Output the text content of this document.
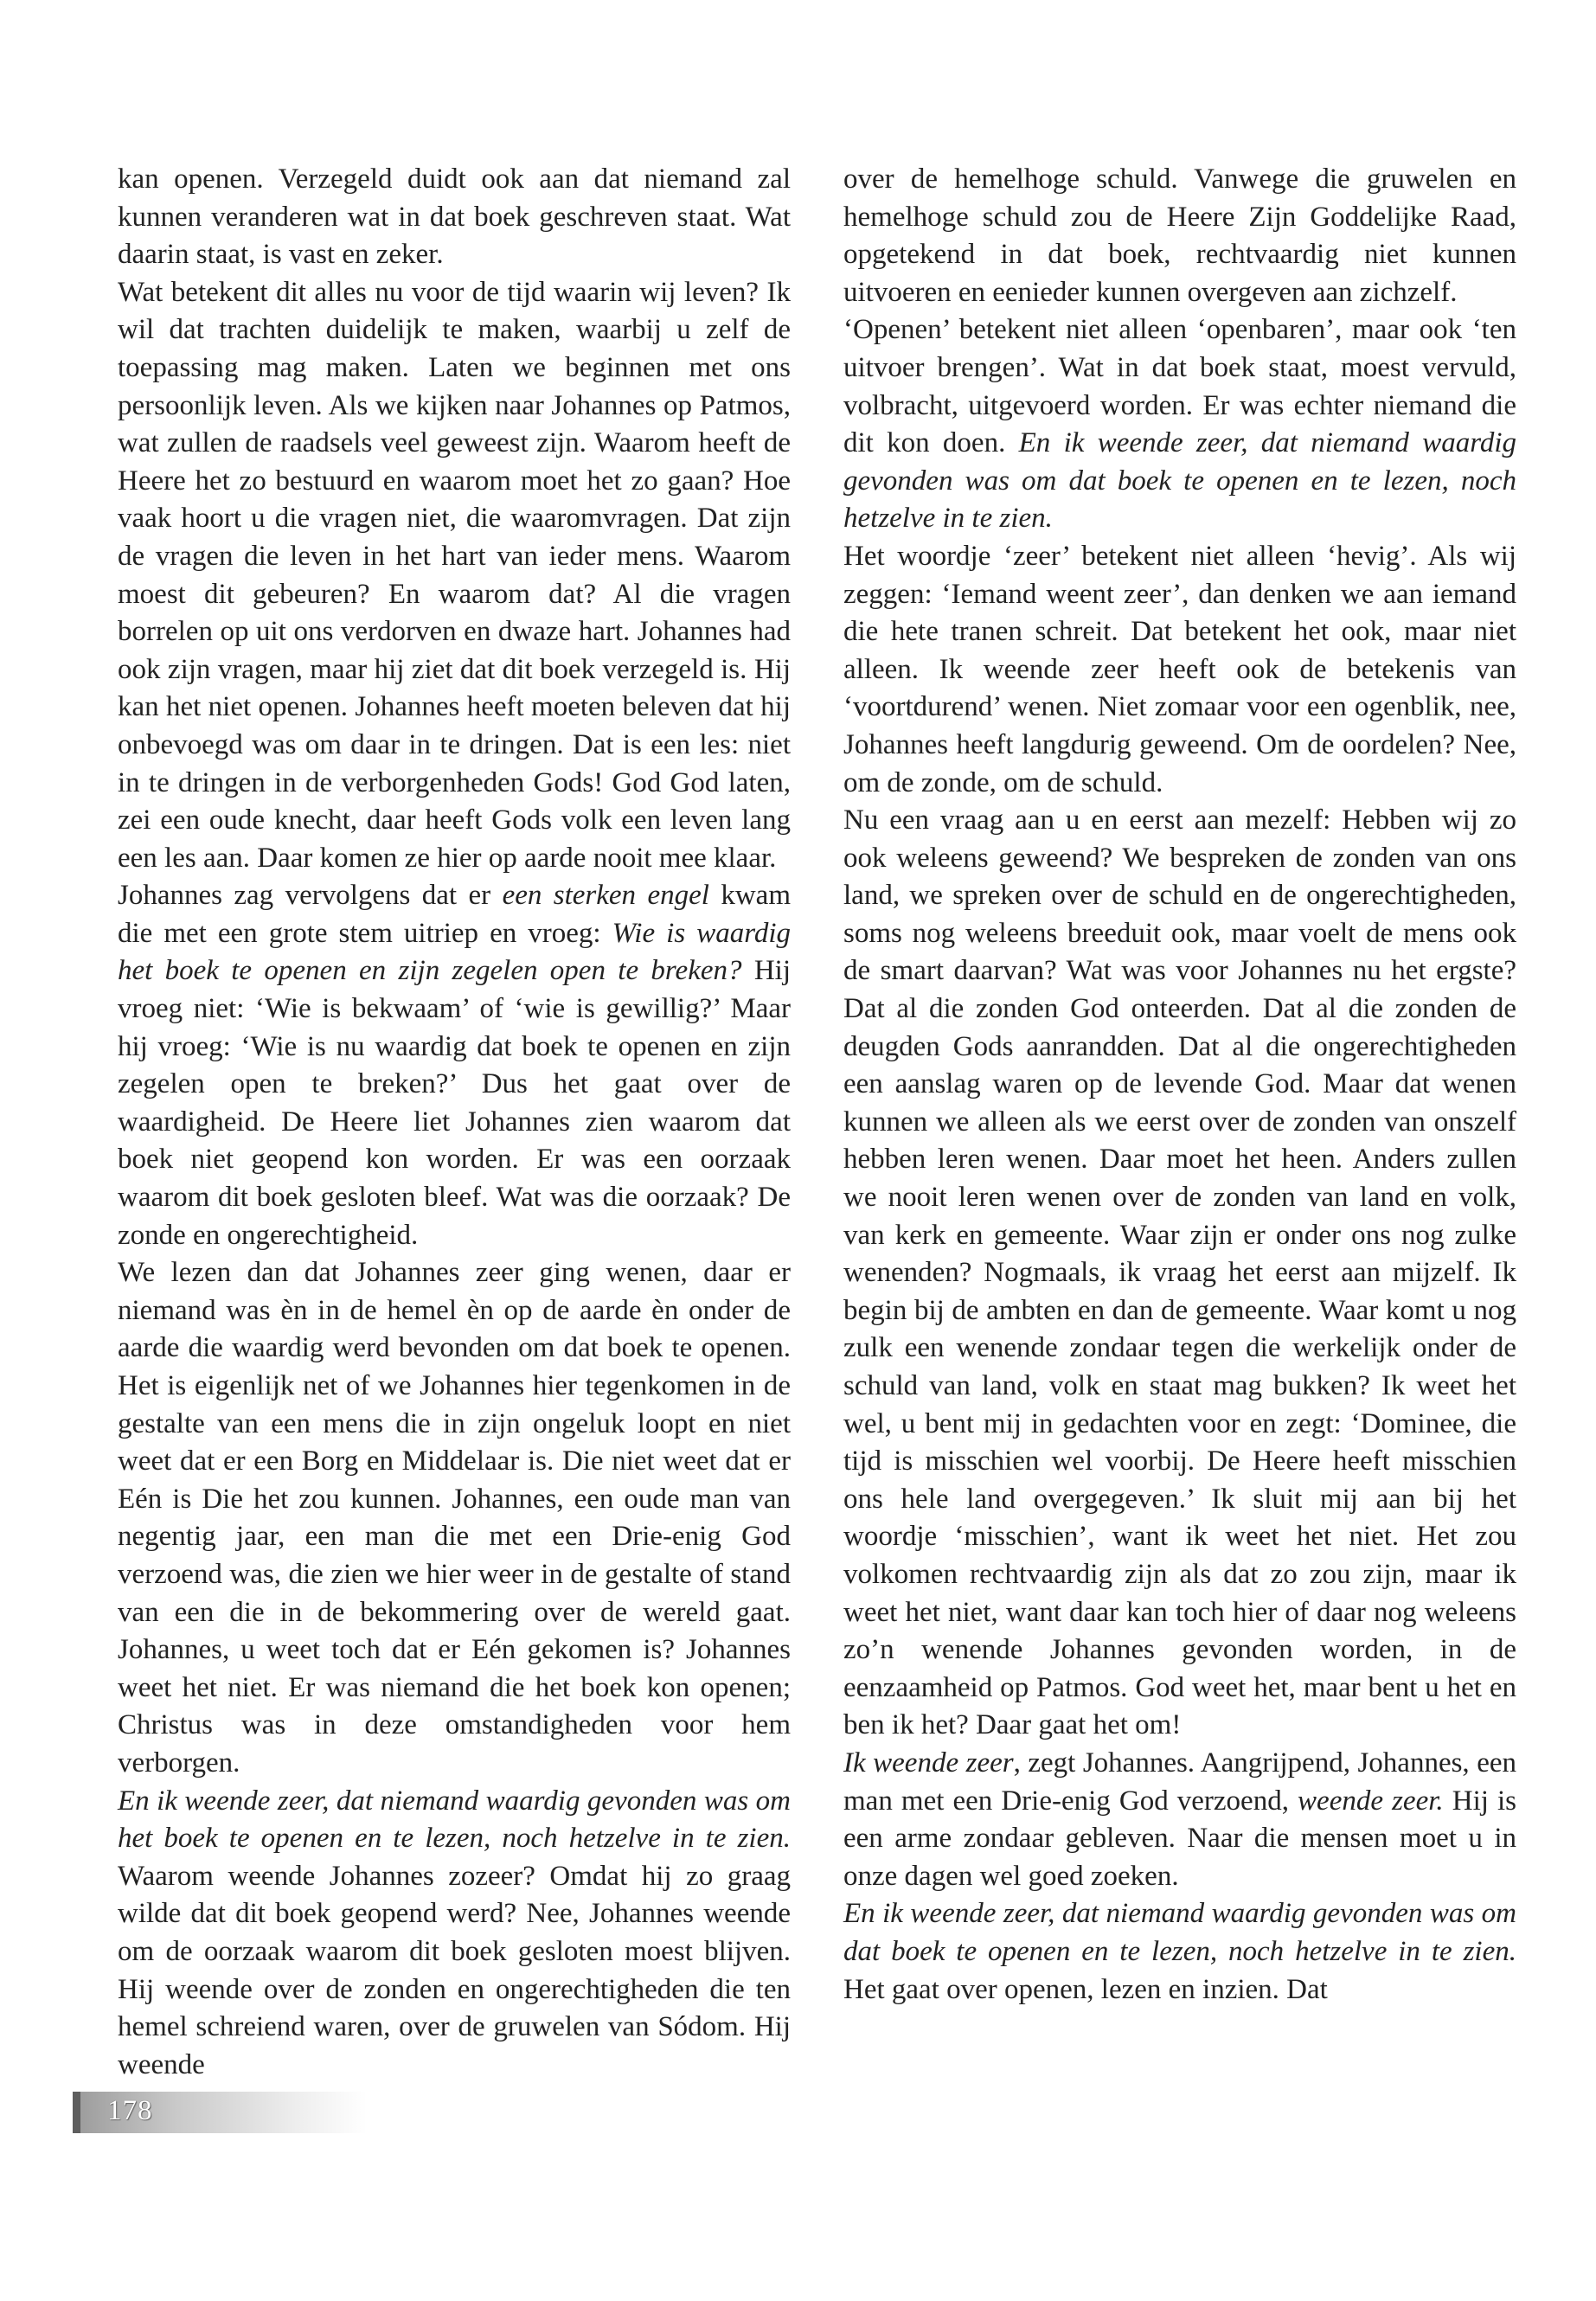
kan openen. Verzegeld duidt ook aan dat niemand zal kunnen veranderen wat in dat boek geschreven staat. Wat daarin staat, is vast en zeker.

Wat betekent dit alles nu voor de tijd waarin wij leven? Ik wil dat trachten duidelijk te maken, waarbij u zelf de toepassing mag maken. Laten we beginnen met ons persoonlijk leven. Als we kijken naar Johannes op Patmos, wat zullen de raadsels veel geweest zijn. Waarom heeft de Heere het zo bestuurd en waarom moet het zo gaan? Hoe vaak hoort u die vragen niet, die waaromvragen. Dat zijn de vragen die leven in het hart van ieder mens. Waarom moest dit gebeuren? En waarom dat? Al die vragen borrelen op uit ons verdorven en dwaze hart. Johannes had ook zijn vragen, maar hij ziet dat dit boek verzegeld is. Hij kan het niet openen. Johannes heeft moeten beleven dat hij onbevoegd was om daar in te dringen. Dat is een les: niet in te dringen in de verborgenheden Gods! God God laten, zei een oude knecht, daar heeft Gods volk een leven lang een les aan. Daar komen ze hier op aarde nooit mee klaar.

Johannes zag vervolgens dat er een sterken engel kwam die met een grote stem uitriep en vroeg: Wie is waardig het boek te openen en zijn zegelen open te breken? Hij vroeg niet: ‘Wie is bekwaam’ of ‘wie is gewillig?’ Maar hij vroeg: ‘Wie is nu waardig dat boek te openen en zijn zegelen open te breken?’ Dus het gaat over de waardigheid. De Heere liet Johannes zien waarom dat boek niet geopend kon worden. Er was een oorzaak waarom dit boek gesloten bleef. Wat was die oorzaak? De zonde en ongerechtigheid.

We lezen dan dat Johannes zeer ging wenen, daar er niemand was èn in de hemel èn op de aarde èn onder de aarde die waardig werd bevonden om dat boek te openen. Het is eigenlijk net of we Johannes hier tegenkomen in de gestalte van een mens die in zijn ongeluk loopt en niet weet dat er een Borg en Middelaar is. Die niet weet dat er Eén is Die het zou kunnen. Johannes, een oude man van negentig jaar, een man die met een Drie-enig God verzoend was, die zien we hier weer in de gestalte of stand van een die in de bekommering over de wereld gaat. Johannes, u weet toch dat er Eén gekomen is? Johannes weet het niet. Er was niemand die het boek kon openen; Christus was in deze omstandigheden voor hem verborgen.

En ik weende zeer, dat niemand waardig gevonden was om het boek te openen en te lezen, noch hetzelve in te zien. Waarom weende Johannes zozeer? Omdat hij zo graag wilde dat dit boek geopend werd? Nee, Johannes weende om de oorzaak waarom dit boek gesloten moest blijven. Hij weende over de zonden en ongerechtigheden die ten hemel schreiend waren, over de gruwelen van Sódom. Hij weende

over de hemelhoge schuld. Vanwege die gruwelen en hemelhoge schuld zou de Heere Zijn Goddelijke Raad, opgetekend in dat boek, rechtvaardig niet kunnen uitvoeren en eenieder kunnen overgeven aan zichzelf.

‘Openen’ betekent niet alleen ‘openbaren’, maar ook ‘ten uitvoer brengen’. Wat in dat boek staat, moest vervuld, volbracht, uitgevoerd worden. Er was echter niemand die dit kon doen. En ik weende zeer, dat niemand waardig gevonden was om dat boek te openen en te lezen, noch hetzelve in te zien.

Het woordje ‘zeer’ betekent niet alleen ‘hevig’. Als wij zeggen: ‘Iemand weent zeer’, dan denken we aan iemand die hete tranen schreit. Dat betekent het ook, maar niet alleen. Ik weende zeer heeft ook de betekenis van ‘voortdurend’ wenen. Niet zomaar voor een ogenblik, nee, Johannes heeft langdurig geweend. Om de oordelen? Nee, om de zonde, om de schuld.

Nu een vraag aan u en eerst aan mezelf: Hebben wij zo ook weleens geweend? We bespreken de zonden van ons land, we spreken over de schuld en de ongerechtigheden, soms nog weleens breeduit ook, maar voelt de mens ook de smart daarvan? Wat was voor Johannes nu het ergste? Dat al die zonden God onteerden. Dat al die zonden de deugden Gods aanrandden. Dat al die ongerechtigheden een aanslag waren op de levende God. Maar dat wenen kunnen we alleen als we eerst over de zonden van onszelf hebben leren wenen. Daar moet het heen. Anders zullen we nooit leren wenen over de zonden van land en volk, van kerk en gemeente. Waar zijn er onder ons nog zulke wenenden? Nogmaals, ik vraag het eerst aan mijzelf. Ik begin bij de ambten en dan de gemeente. Waar komt u nog zulk een wenende zondaar tegen die werkelijk onder de schuld van land, volk en staat mag bukken? Ik weet het wel, u bent mij in gedachten voor en zegt: ‘Dominee, die tijd is misschien wel voorbij. De Heere heeft misschien ons hele land overgegeven.’ Ik sluit mij aan bij het woordje ‘misschien’, want ik weet het niet. Het zou volkomen rechtvaardig zijn als dat zo zou zijn, maar ik weet het niet, want daar kan toch hier of daar nog weleens zo’n wenende Johannes gevonden worden, in de eenzaamheid op Patmos. God weet het, maar bent u het en ben ik het? Daar gaat het om!

Ik weende zeer, zegt Johannes. Aangrijpend, Johannes, een man met een Drie-enig God verzoend, weende zeer. Hij is een arme zondaar gebleven. Naar die mensen moet u in onze dagen wel goed zoeken.

En ik weende zeer, dat niemand waardig gevonden was om dat boek te openen en te lezen, noch hetzelve in te zien. Het gaat over openen, lezen en inzien. Dat

178
